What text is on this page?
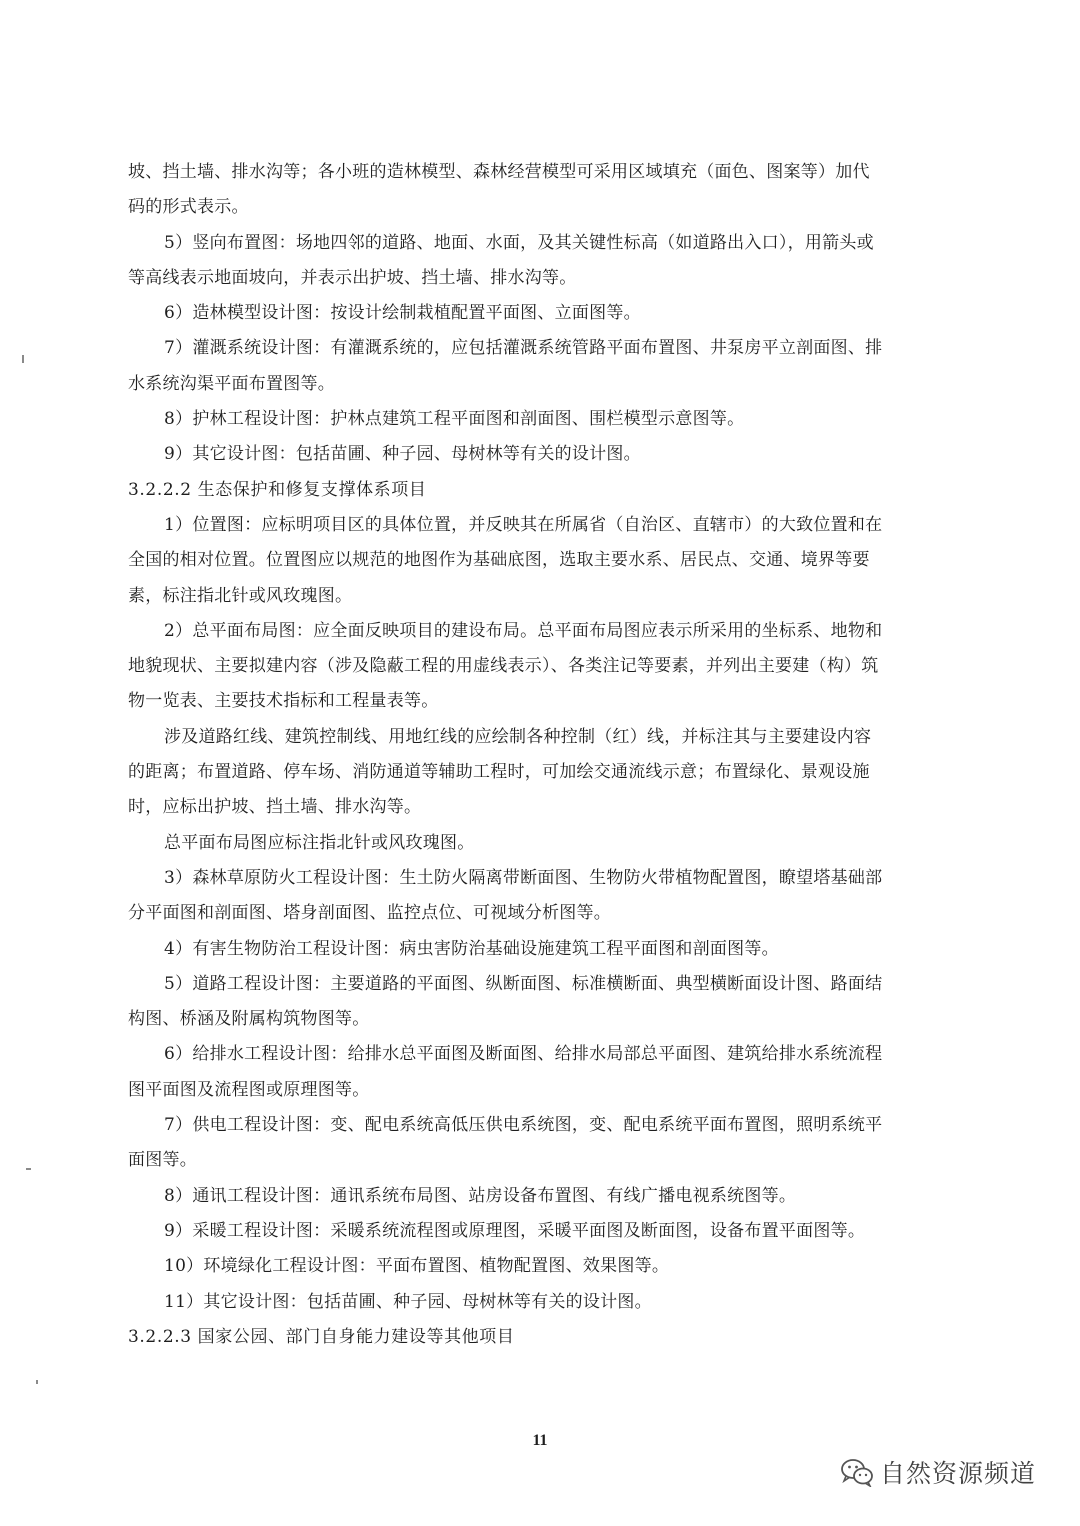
坡、挡土墙、排水沟等；各小班的造林模型、森林经营模型可采用区域填充（面色、图案等）加代

码的形式表示。

5）竖向布置图：场地四邻的道路、地面、水面，及其关键性标高（如道路出入口），用箭头或

等高线表示地面坡向，并表示出护坡、挡土墙、排水沟等。

6）造林模型设计图：按设计绘制栽植配置平面图、立面图等。

7）灌溉系统设计图：有灌溉系统的，应包括灌溉系统管路平面布置图、井泵房平立剖面图、排

水系统沟渠平面布置图等。

8）护林工程设计图：护林点建筑工程平面图和剖面图、围栏模型示意图等。

9）其它设计图：包括苗圃、种子园、母树林等有关的设计图。

3.2.2.2 生态保护和修复支撑体系项目

1）位置图：应标明项目区的具体位置，并反映其在所属省（自治区、直辖市）的大致位置和在

全国的相对位置。位置图应以规范的地图作为基础底图，选取主要水系、居民点、交通、境界等要

素，标注指北针或风玫瑰图。

2）总平面布局图：应全面反映项目的建设布局。总平面布局图应表示所采用的坐标系、地物和

地貌现状、主要拟建内容（涉及隐蔽工程的用虚线表示）、各类注记等要素，并列出主要建（构）筑

物一览表、主要技术指标和工程量表等。

涉及道路红线、建筑控制线、用地红线的应绘制各种控制（红）线，并标注其与主要建设内容

的距离；布置道路、停车场、消防通道等辅助工程时，可加绘交通流线示意；布置绿化、景观设施

时，应标出护坡、挡土墙、排水沟等。

总平面布局图应标注指北针或风玫瑰图。

3）森林草原防火工程设计图：生土防火隔离带断面图、生物防火带植物配置图，瞭望塔基础部

分平面图和剖面图、塔身剖面图、监控点位、可视域分析图等。

4）有害生物防治工程设计图：病虫害防治基础设施建筑工程平面图和剖面图等。

5）道路工程设计图：主要道路的平面图、纵断面图、标准横断面、典型横断面设计图、路面结

构图、桥涵及附属构筑物图等。

6）给排水工程设计图：给排水总平面图及断面图、给排水局部总平面图、建筑给排水系统流程

图平面图及流程图或原理图等。

7）供电工程设计图：变、配电系统高低压供电系统图，变、配电系统平面布置图，照明系统平

面图等。

8）通讯工程设计图：通讯系统布局图、站房设备布置图、有线广播电视系统图等。

9）采暖工程设计图：采暖系统流程图或原理图，采暖平面图及断面图，设备布置平面图等。

10）环境绿化工程设计图：平面布置图、植物配置图、效果图等。

11）其它设计图：包括苗圃、种子园、母树林等有关的设计图。

3.2.2.3 国家公园、部门自身能力建设等其他项目

11
自然资源频道
